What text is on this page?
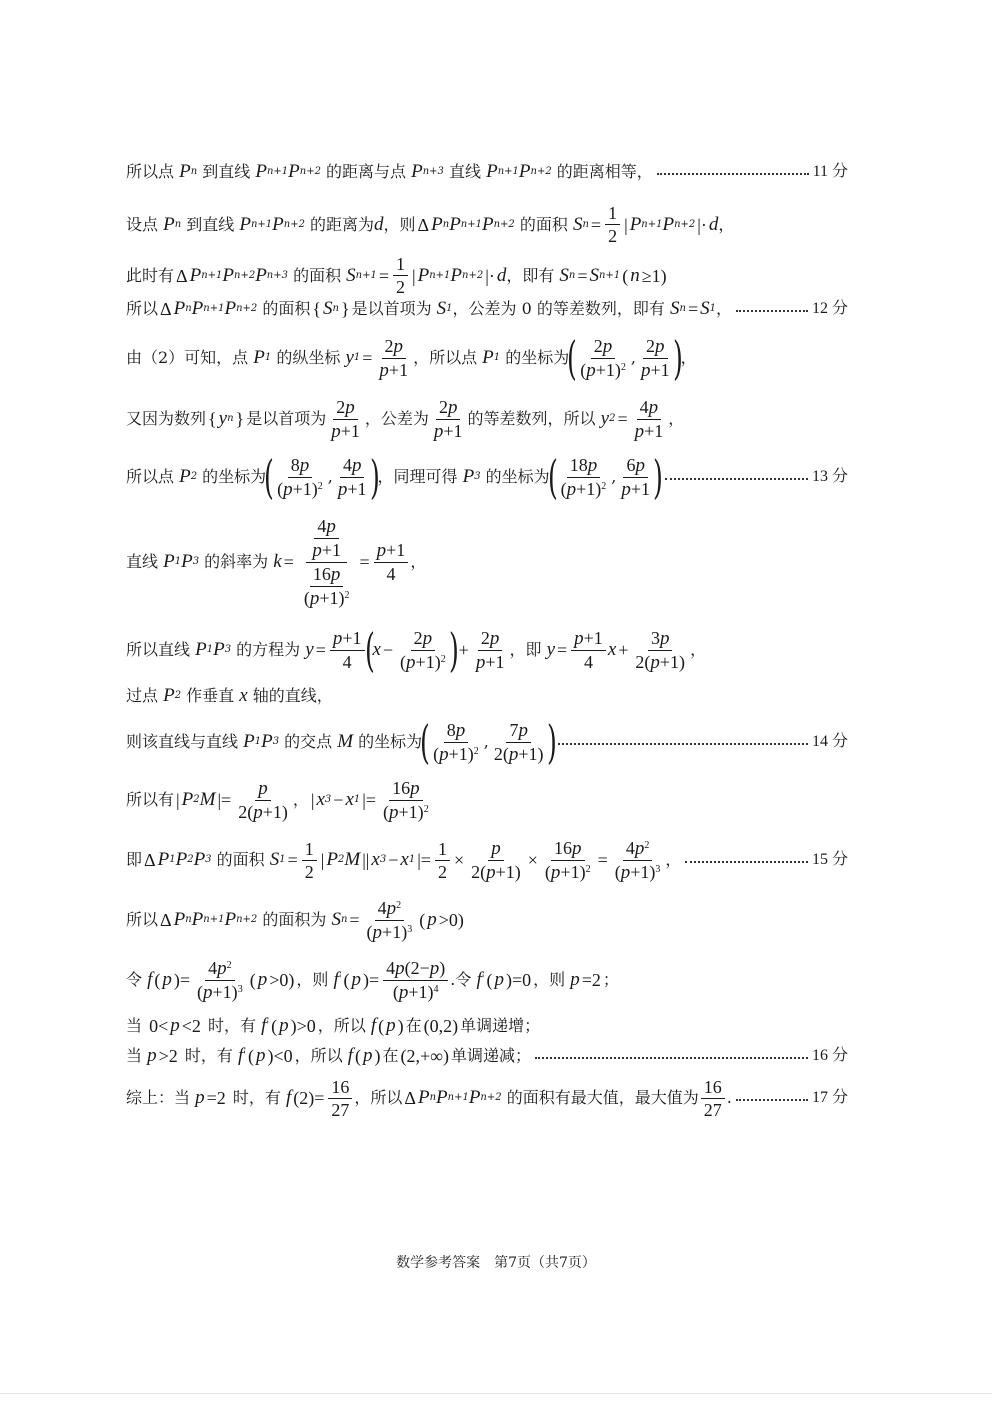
所以点 P n 到直线 P n+1 P n+2 的距离与点 P n+3 直线 P n+1 P n+2 的距离相等，	11 分
设点 P n 到直线 P n+1 P n+2 的距离为 d ，则 Δ P n P n+1 P n+2 的面积 S $n = \frac{1}{2}$ | P n+1 P n+2 |· d ，
此时有 Δ P n+1 P n+2 P n+3 的面积 S $n+1 = \frac{1}{2}$ | P n+1 P n+2 |· d ，即有 S n = S n+1 ( n ≥1)
所以 Δ P n P n+1 P n+2 的面积 { S n } 是以首项为 S 1 ，公差为 0 的等差数列，即有 S n = S 1 ，	12 分
由（2）可知，点 P 1 的纵坐标 y $1 = \frac{2p}{p+1}$ ，所以点 P 1 的坐标为
( $\frac{2p}{(p+1)^2}$ , $\frac{2p}{p+1}$ )
，
又因为数列 { y n } 是以首项为 $\frac{2p}{p+1}$ ，公差为 $\frac{2p}{p+1}$ 的等差数列，所以 y $2 = \frac{4p}{p+1}$ ，
所以点 P 2 的坐标为
( $\frac{8p}{(p+1)^2}$ , $\frac{4p}{p+1}$ )
，同理可得 P 3 的坐标为
( $\frac{18p}{(p+1)^2}$ , $\frac{6p}{p+1}$ )	13 分
直线 P 1 P 3 的斜率为 $k = \frac{\frac{4p}{p+1}}{\frac{16p}{(p+1)^2}} = \frac{p+1}{4}$ ，
所以直线 P 1 P 3 的方程为 $y = \frac{p+1}{4}$ (
$x - \frac{2p}{(p+1)^2}$ ) + $\frac{2p}{p+1}$ ，即 $y = \frac{p+1}{4}$ $x + \frac{3p}{2(p+1)}$ ，
过点 P 2 作垂直 x 轴的直线，
则该直线与直线 P 1 P 3 的交点 M 的坐标为
( $\frac{8p}{(p+1)^2}$ , $\frac{7p}{2(p+1)}$ )	14 分
所以有 | P 2 M |= $\frac{p}{2(p+1)}$ ， | x 3 − x 1 |= $\frac{16p}{(p+1)^2}$
即 Δ P 1 P 2 P 3 的面积 S $1 = \frac{1}{2}$ | P 2 M || x 3 − x 1 |= $\frac{1}{2} \times \frac{p}{2(p+1)} \times \frac{16p}{(p+1)^2} = \frac{4p^2}{(p+1)^3}$ ，	15 分
所以 Δ P n P n+1 P n+2 的面积为 S $n = \frac{4p^2}{(p+1)^3}$ ( p >0)
令 f ( p )= $\frac{4p^2}{(p+1)^3}$ ( p >0) ，则 f ' ( p )= $\frac{4p(2-p)}{(p+1)^4}$ .令 f ' ( p )=0 ，则 p =2 ；
当 0< p <2 时，有 f ' ( p )>0 ，所以 f ( p ) 在 (0,2) 单调递增；
当 p >2 时，有 f ' ( p )<0 ，所以 f ( p ) 在 (2,+∞) 单调递减；	16 分
综上：当 p =2 时，有 f $(2)= \frac{16}{27}$ ，所以 Δ P n P n+1 P n+2 的面积有最大值，最大值为 $\frac{16}{27}$ .	17 分
数学参考答案　第7页（共7页）
